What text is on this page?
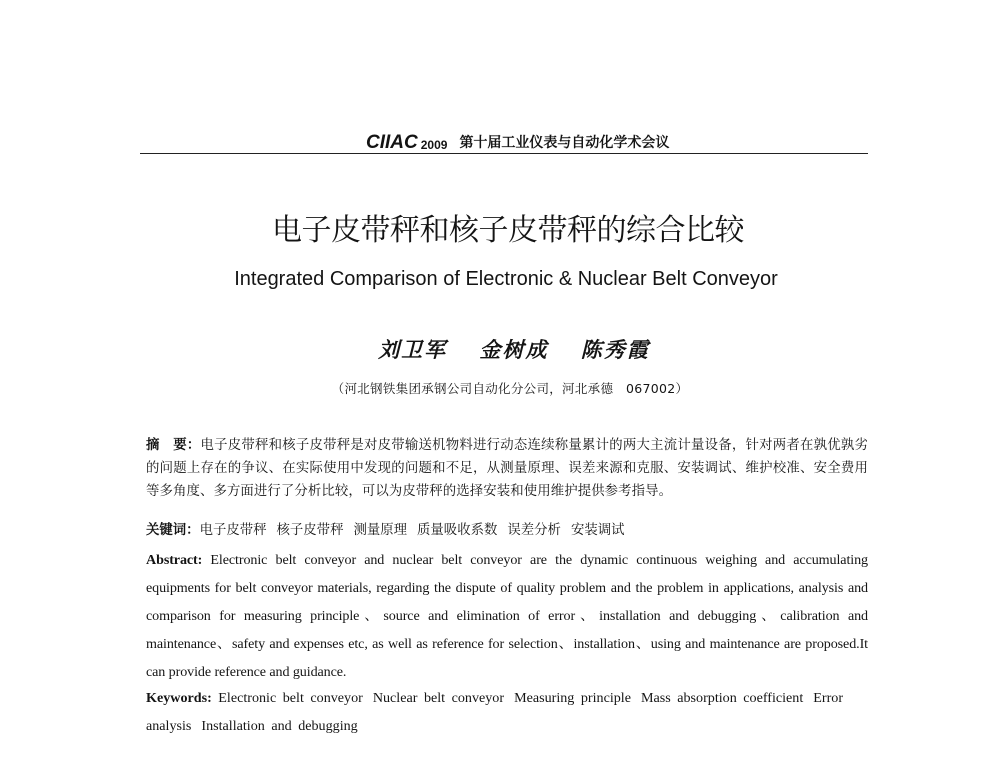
CIIAC 2009 第十届工业仪表与自动化学术会议
电子皮带秤和核子皮带秤的综合比较
Integrated Comparison of Electronic & Nuclear Belt Conveyor
刘卫军　 金树成　 陈秀霞
（河北钢铁集团承钢公司自动化分公司，河北承德　067002）
摘　要：电子皮带秤和核子皮带秤是对皮带输送机物料进行动态连续称量累计的两大主流计量设备，针对两者在孰优孰劣的问题上存在的争议、在实际使用中发现的问题和不足，从测量原理、误差来源和克服、安装调试、维护校准、安全费用等多角度、多方面进行了分析比较，可以为皮带秤的选择安装和使用维护提供参考指导。
关键词：电子皮带秤 核子皮带秤 测量原理 质量吸收系数 误差分析 安装调试
Abstract: Electronic belt conveyor and nuclear belt conveyor are the dynamic continuous weighing and accumulating equipments for belt conveyor materials, regarding the dispute of quality problem and the problem in applications, analysis and comparison for measuring principle、source and elimination of error、installation and debugging、calibration and maintenance、safety and expenses etc, as well as reference for selection、installation、using and maintenance are proposed.It can provide reference and guidance.
Keywords: Electronic belt conveyor Nuclear belt conveyor Measuring principle Mass absorption coefficient Error analysis Installation and debugging
